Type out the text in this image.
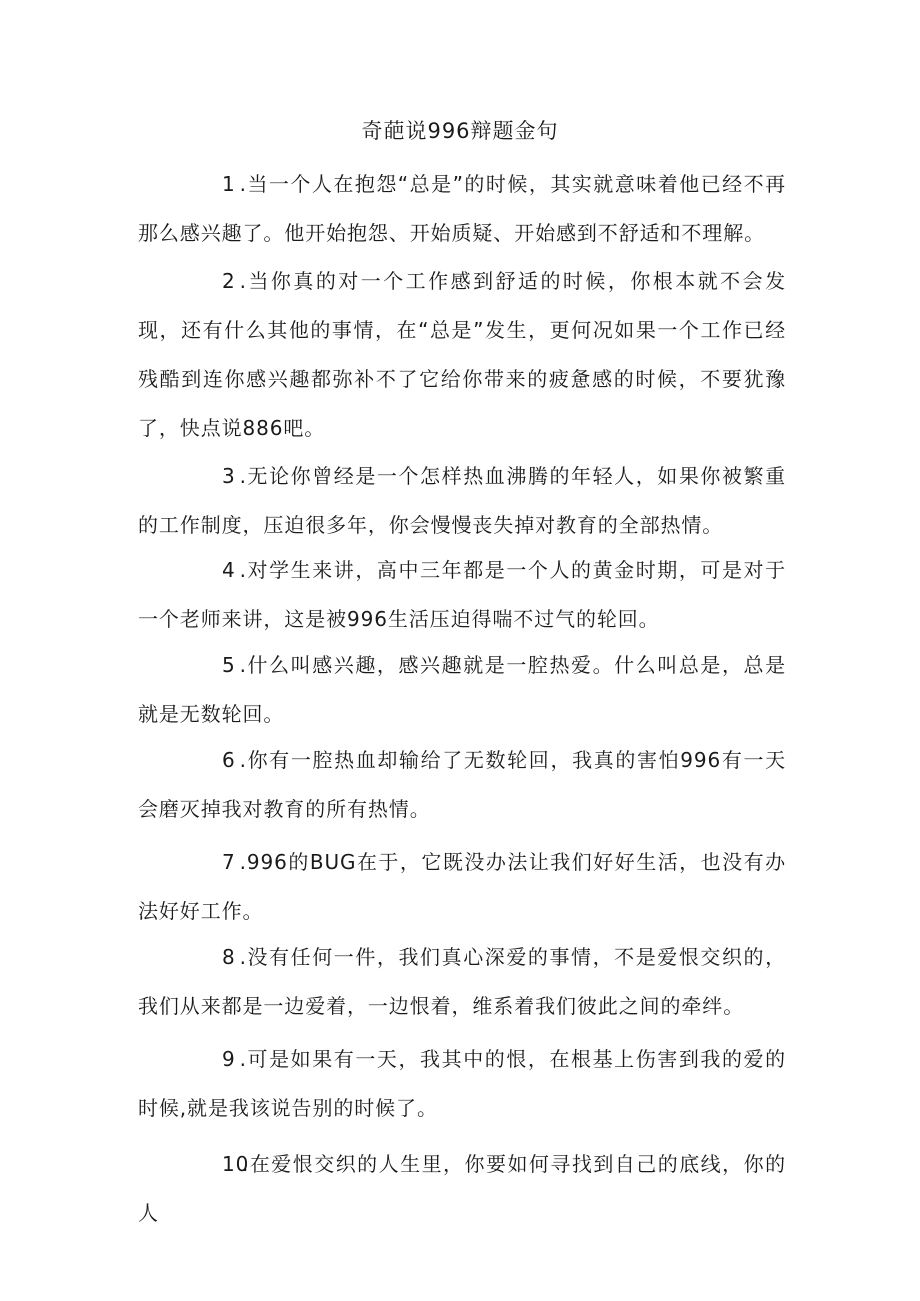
奇葩说996辩题金句

1 .当一个人在抱怨“总是”的时候，其实就意味着他已经不再那么感兴趣了。他开始抱怨、开始质疑、开始感到不舒适和不理解。

2 .当你真的对一个工作感到舒适的时候，你根本就不会发现，还有什么其他的事情，在“总是”发生，更何况如果一个工作已经残酷到连你感兴趣都弥补不了它给你带来的疲惫感的时候，不要犹豫了，快点说886吧。

3 .无论你曾经是一个怎样热血沸腾的年轻人，如果你被繁重的工作制度，压迫很多年，你会慢慢丧失掉对教育的全部热情。

4 .对学生来讲，高中三年都是一个人的黄金时期，可是对于一个老师来讲，这是被996生活压迫得喘不过气的轮回。

5 .什么叫感兴趣，感兴趣就是一腔热爱。什么叫总是，总是就是无数轮回。

6 .你有一腔热血却输给了无数轮回，我真的害怕996有一天会磨灭掉我对教育的所有热情。

7 .996的BUG在于，它既没办法让我们好好生活，也没有办法好好工作。

8 .没有任何一件，我们真心深爱的事情，不是爱恨交织的，我们从来都是一边爱着，一边恨着，维系着我们彼此之间的牵绊。

9 .可是如果有一天，我其中的恨，在根基上伤害到我的爱的时候,就是我该说告别的时候了。

10.在爱恨交织的人生里，你要如何寻找到自己的底线，你的人
